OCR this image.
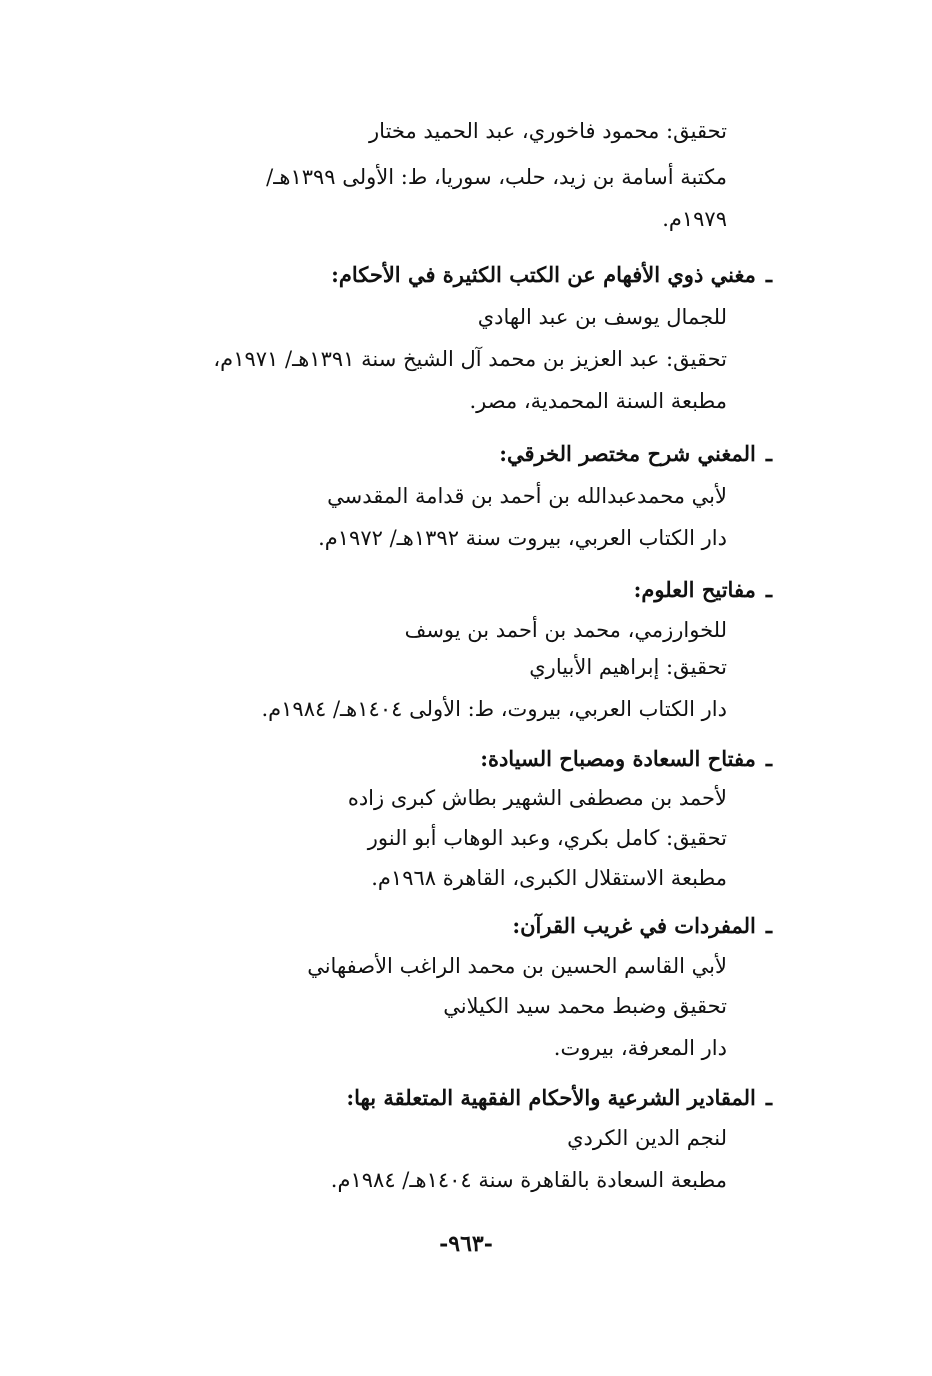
تحقيق: محمود فاخوري، عبد الحميد مختار
مكتبة أسامة بن زيد، حلب، سوريا، ط: الأولى ١٣٩٩هـ/
١٩٧٩م.
ـمغني ذوي الأفهام عن الكتب الكثيرة في الأحكام:
للجمال يوسف بن عبد الهادي
تحقيق: عبد العزيز بن محمد آل الشيخ سنة ١٣٩١هـ/ ١٩٧١م،
مطبعة السنة المحمدية، مصر.
ـالمغني شرح مختصر الخرقي:
لأبي محمدعبدالله بن أحمد بن قدامة المقدسي
دار الكتاب العربي، بيروت سنة ١٣٩٢هـ/ ١٩٧٢م.
ـمفاتيح العلوم:
للخوارزمي، محمد بن أحمد بن يوسف
تحقيق: إبراهيم الأبياري
دار الكتاب العربي، بيروت، ط: الأولى ١٤٠٤هـ/ ١٩٨٤م.
ـمفتاح السعادة ومصباح السيادة:
لأحمد بن مصطفى الشهير بطاش كبرى زاده
تحقيق: كامل بكري، وعبد الوهاب أبو النور
مطبعة الاستقلال الكبرى، القاهرة ١٩٦٨م.
ـالمفردات في غريب القرآن:
لأبي القاسم الحسين بن محمد الراغب الأصفهاني
تحقيق وضبط محمد سيد الكيلاني
دار المعرفة، بيروت.
ـالمقادير الشرعية والأحكام الفقهية المتعلقة بها:
لنجم الدين الكردي
مطبعة السعادة بالقاهرة سنة ١٤٠٤هـ/ ١٩٨٤م.
-٩٦٣-
